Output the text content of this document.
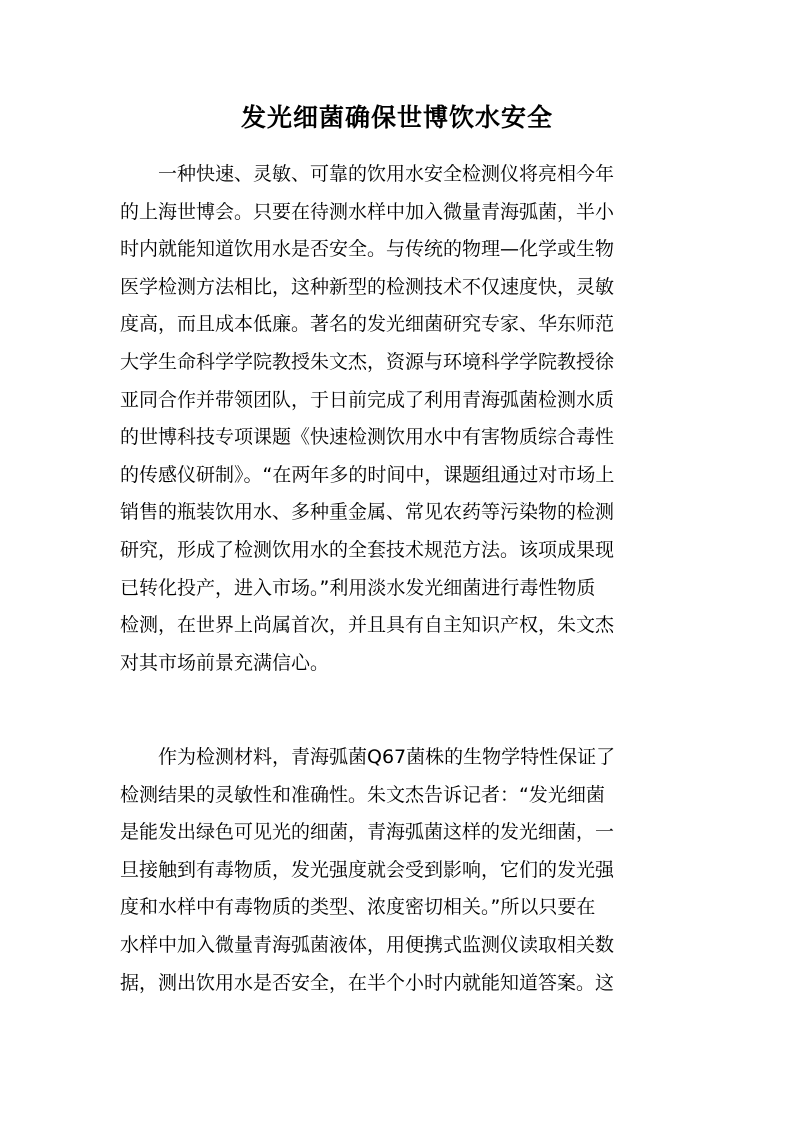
发光细菌确保世博饮水安全
　　一种快速、灵敏、可靠的饮用水安全检测仪将亮相今年
的上海世博会。只要在待测水样中加入微量青海弧菌，半小
时内就能知道饮用水是否安全。与传统的物理—化学或生物
医学检测方法相比，这种新型的检测技术不仅速度快，灵敏
度高，而且成本低廉。著名的发光细菌研究专家、华东师范
大学生命科学学院教授朱文杰，资源与环境科学学院教授徐
亚同合作并带领团队，于日前完成了利用青海弧菌检测水质
的世博科技专项课题《快速检测饮用水中有害物质综合毒性
的传感仪研制》。“在两年多的时间中，课题组通过对市场上
销售的瓶装饮用水、多种重金属、常见农药等污染物的检测
研究，形成了检测饮用水的全套技术规范方法。该项成果现
已转化投产，进入市场。”利用淡水发光细菌进行毒性物质
检测，在世界上尚属首次，并且具有自主知识产权，朱文杰
对其市场前景充满信心。
　　作为检测材料，青海弧菌Q67菌株的生物学特性保证了
检测结果的灵敏性和准确性。朱文杰告诉记者：“发光细菌
是能发出绿色可见光的细菌，青海弧菌这样的发光细菌，一
旦接触到有毒物质，发光强度就会受到影响，它们的发光强
度和水样中有毒物质的类型、浓度密切相关。”所以只要在
水样中加入微量青海弧菌液体，用便携式监测仪读取相关数
据，测出饮用水是否安全，在半个小时内就能知道答案。这
